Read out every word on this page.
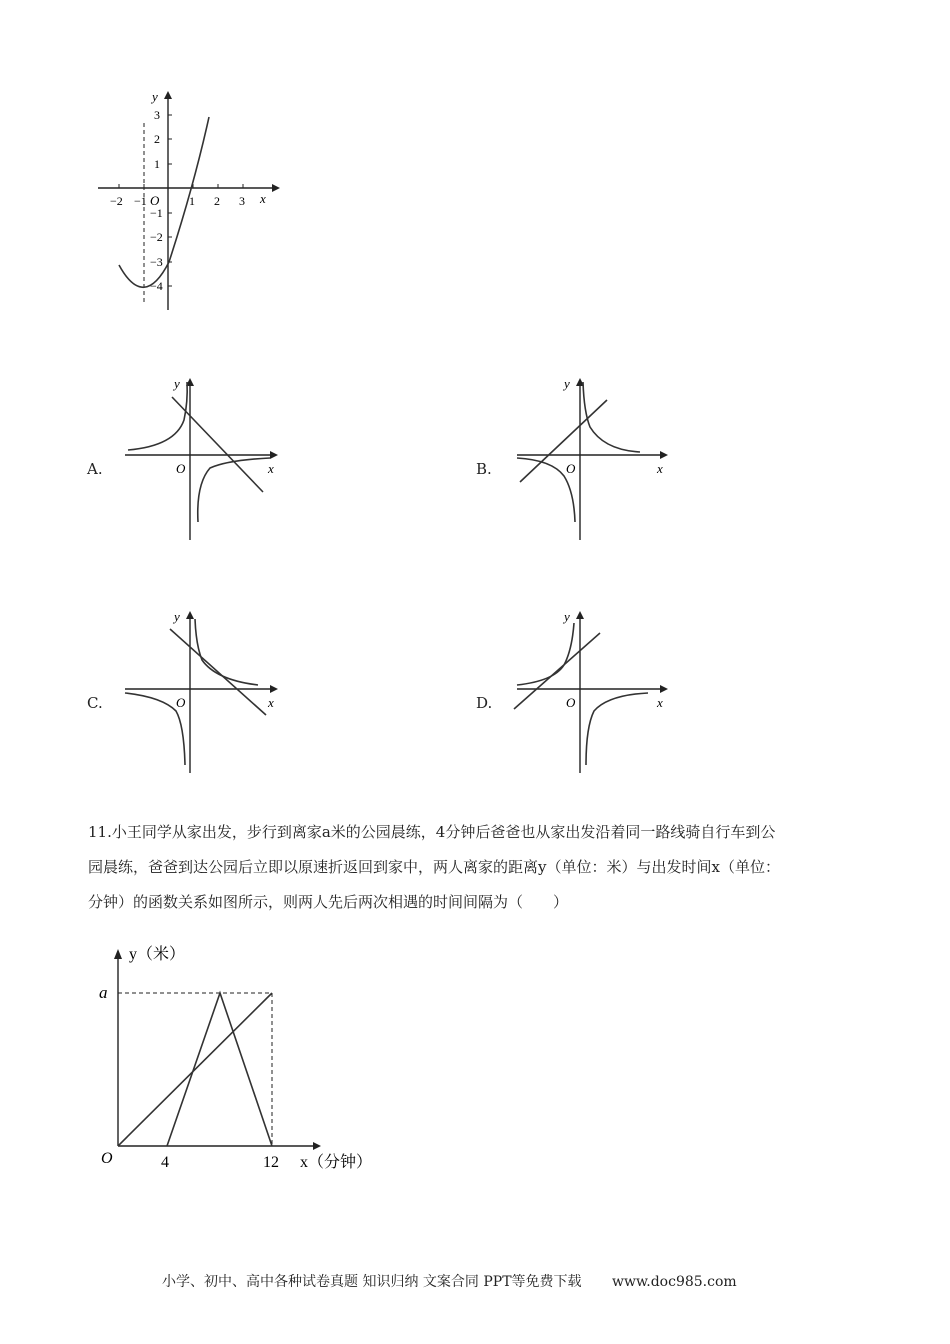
y
x
O
−2 −1	1 2 3
3
2
1
−1
−2
−3
−4
A.
y
x
O	B.
y
x
O
C.
y
x
O	D.
y
x
O
11.小王同学从家出发，步行到离家a米的公园晨练，4分钟后爸爸也从家出发沿着同一路线骑自行车到公
园晨练，爸爸到达公园后立即以原速折返回到家中，两人离家的距离y（单位：米）与出发时间x（单位：
分钟）的函数关系如图所示，则两人先后两次相遇的时间间隔为（　　）
y（米）
a
O	4	12 x（分钟）
小学、初中、高中各种试卷真题 知识归纳 文案合同 PPT等免费下载 www.doc985.com
